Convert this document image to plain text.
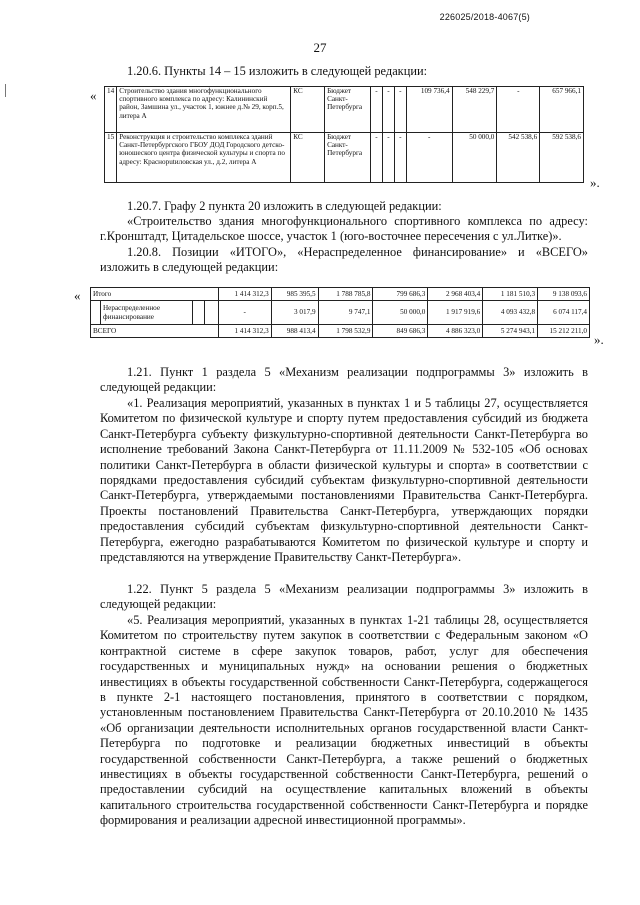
226025/2018-4067(5)
27
1.20.6. Пункты 14 – 15 изложить в следующей редакции:
« 14	Строительство здания многофункционального спортивного комплекса по адресу: Калининский район, Замшина ул., участок 1, южнее д.№ 29, корп.5, литера А	КС	Бюджет Санкт-Петербурга	-	-	-	109 736,4	548 229,7	-	657 966,1
15	Реконструкция и строительство комплекса зданий Санкт-Петербургского ГБОУ ДОД Городского детско-юношеского центра физической культуры и спорта по адресу: Красноputиловская ул., д.2, литера А	КС	Бюджет Санкт-Петербурга	-	-	-	-	50 000,0	542 538,6	592 538,6
».
1.20.7. Графу 2 пункта 20 изложить в следующей редакции:
«Строительство здания многофункционального спортивного комплекса по адресу: г.Кронштадт, Цитадельское шоссе, участок 1 (юго-восточнее пересечения с ул.Литке)».
1.20.8. Позиции «ИТОГО», «Нераспределенное финансирование» и «ВСЕГО» изложить в следующей редакции:
« Итого				1 414 312,3	985 395,5	1 788 785,8	799 686,3	2 968 403,4	1 181 510,3	9 138 093,6
	Нераспределенное финансирование			-	3 017,9	9 747,1	50 000,0	1 917 919,6	4 093 432,8	6 074 117,4
ВСЕГО				1 414 312,3	988 413,4	1 798 532,9	849 686,3	4 886 323,0	5 274 943,1	15 212 211,0
».
1.21. Пункт 1 раздела 5 «Механизм реализации подпрограммы 3» изложить в следующей редакции:
«1. Реализация мероприятий, указанных в пунктах 1 и 5 таблицы 27, осуществляется Комитетом по физической культуре и спорту путем предоставления субсидий из бюджета Санкт-Петербурга субъекту физкультурно-спортивной деятельности Санкт-Петербурга во исполнение требований Закона Санкт-Петербурга от 11.11.2009 № 532-105 «Об основах политики Санкт-Петербурга в области физической культуры и спорта» в соответствии с порядками предоставления субсидий субъектам физкультурно-спортивной деятельности Санкт-Петербурга, утверждаемыми постановлениями Правительства Санкт-Петербурга. Проекты постановлений Правительства Санкт-Петербурга, утверждающих порядки предоставления субсидий субъектам физкультурно-спортивной деятельности Санкт-Петербурга, ежегодно разрабатываются Комитетом по физической культуре и спорту и представляются на утверждение Правительству Санкт-Петербурга».
1.22. Пункт 5 раздела 5 «Механизм реализации подпрограммы 3» изложить в следующей редакции:
«5. Реализация мероприятий, указанных в пунктах 1-21 таблицы 28, осуществляется Комитетом по строительству путем закупок в соответствии с Федеральным законом «О контрактной системе в сфере закупок товаров, работ, услуг для обеспечения государственных и муниципальных нужд» на основании решения о бюджетных инвестициях в объекты государственной собственности Санкт-Петербурга, содержащегося в пункте 2-1 настоящего постановления, принятого в соответствии с порядком, установленным постановлением Правительства Санкт-Петербурга от 20.10.2010 № 1435 «Об организации деятельности исполнительных органов государственной власти Санкт-Петербурга по подготовке и реализации бюджетных инвестиций в объекты государственной собственности Санкт-Петербурга, а также решений о бюджетных инвестициях в объекты государственной собственности Санкт-Петербурга, решений о предоставлении субсидий на осуществление капитальных вложений в объекты капитального строительства государственной собственности Санкт-Петербурга и порядке формирования и реализации адресной инвестиционной программы».
